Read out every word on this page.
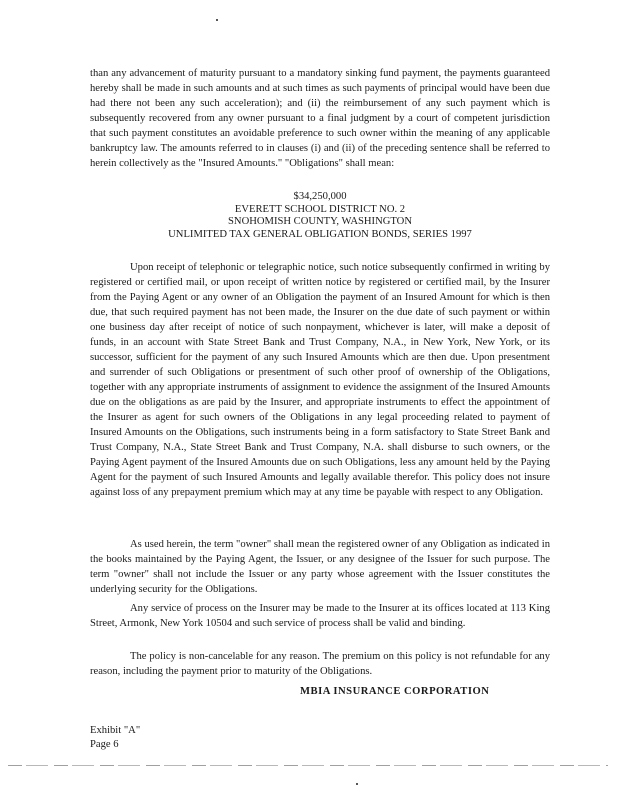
than any advancement of maturity pursuant to a mandatory sinking fund payment, the payments guaranteed hereby shall be made in such amounts and at such times as such payments of principal would have been due had there not been any such acceleration); and (ii) the reimbursement of any such payment which is subsequently recovered from any owner pursuant to a final judgment by a court of competent jurisdiction that such payment constitutes an avoidable preference to such owner within the meaning of any applicable bankruptcy law. The amounts referred to in clauses (i) and (ii) of the preceding sentence shall be referred to herein collectively as the "Insured Amounts." "Obligations" shall mean:

$34,250,000
EVERETT SCHOOL DISTRICT NO. 2
SNOHOMISH COUNTY, WASHINGTON
UNLIMITED TAX GENERAL OBLIGATION BONDS, SERIES 1997

Upon receipt of telephonic or telegraphic notice, such notice subsequently confirmed in writing by registered or certified mail, or upon receipt of written notice by registered or certified mail, by the Insurer from the Paying Agent or any owner of an Obligation the payment of an Insured Amount for which is then due, that such required payment has not been made, the Insurer on the due date of such payment or within one business day after receipt of notice of such nonpayment, whichever is later, will make a deposit of funds, in an account with State Street Bank and Trust Company, N.A., in New York, New York, or its successor, sufficient for the payment of any such Insured Amounts which are then due. Upon presentment and surrender of such Obligations or presentment of such other proof of ownership of the Obligations, together with any appropriate instruments of assignment to evidence the assignment of the Insured Amounts due on the obligations as are paid by the Insurer, and appropriate instruments to effect the appointment of the Insurer as agent for such owners of the Obligations in any legal proceeding related to payment of Insured Amounts on the Obligations, such instruments being in a form satisfactory to State Street Bank and Trust Company, N.A., State Street Bank and Trust Company, N.A. shall disburse to such owners, or the Paying Agent payment of the Insured Amounts due on such Obligations, less any amount held by the Paying Agent for the payment of such Insured Amounts and legally available therefor. This policy does not insure against loss of any prepayment premium which may at any time be payable with respect to any Obligation.

As used herein, the term "owner" shall mean the registered owner of any Obligation as indicated in the books maintained by the Paying Agent, the Issuer, or any designee of the Issuer for such purpose. The term "owner" shall not include the Issuer or any party whose agreement with the Issuer constitutes the underlying security for the Obligations.

Any service of process on the Insurer may be made to the Insurer at its offices located at 113 King Street, Armonk, New York 10504 and such service of process shall be valid and binding.

The policy is non-cancelable for any reason. The premium on this policy is not refundable for any reason, including the payment prior to maturity of the Obligations.

MBIA INSURANCE CORPORATION
Exhibit "A"
Page 6
